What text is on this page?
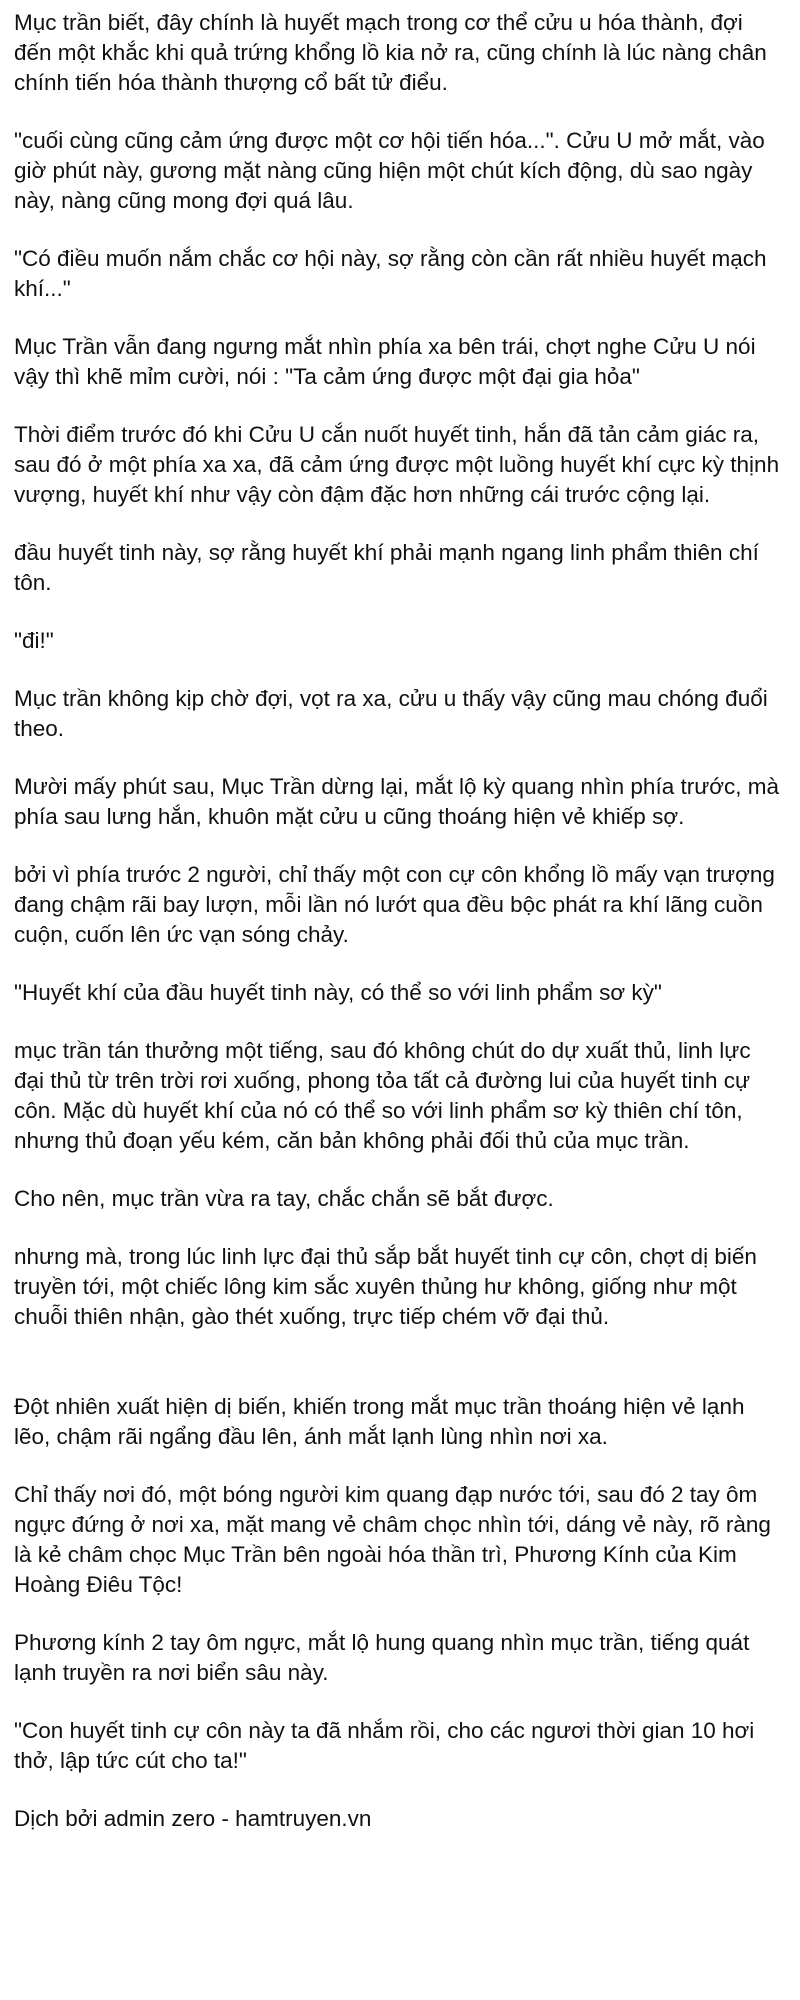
Mục trần biết, đây chính là huyết mạch trong cơ thể cửu u hóa thành, đợi đến một khắc khi quả trứng khổng lồ kia nở ra, cũng chính là lúc nàng chân chính tiến hóa thành thượng cổ bất tử điểu.

"cuối cùng cũng cảm ứng được một cơ hội tiến hóa...". Cửu U mở mắt, vào giờ phút này, gương mặt nàng cũng hiện một chút kích động, dù sao ngày này, nàng cũng mong đợi quá lâu.

"Có điều muốn nắm chắc cơ hội này, sợ rằng còn cần rất nhiều huyết mạch khí..."

Mục Trần vẫn đang ngưng mắt nhìn phía xa bên trái, chợt nghe Cửu U nói vậy thì khẽ mỉm cười, nói : "Ta cảm ứng được một đại gia hỏa"

Thời điểm trước đó khi Cửu U cắn nuốt huyết tinh, hắn đã tản cảm giác ra, sau đó ở một phía xa xa, đã cảm ứng được một luồng huyết khí cực kỳ thịnh vượng, huyết khí như vậy còn đậm đặc hơn những cái trước cộng lại.

đầu huyết tinh này, sợ rằng huyết khí phải mạnh ngang linh phẩm thiên chí tôn.

"đi!"

Mục trần không kịp chờ đợi, vọt ra xa, cửu u thấy vậy cũng mau chóng đuổi theo.

Mười mấy phút sau, Mục Trần dừng lại, mắt lộ kỳ quang nhìn phía trước, mà phía sau lưng hắn, khuôn mặt cửu u cũng thoáng hiện vẻ khiếp sợ.

bởi vì phía trước 2 người, chỉ thấy một con cự côn khổng lồ mấy vạn trượng đang chậm rãi bay lượn, mỗi lần nó lướt qua đều bộc phát ra khí lãng cuồn cuộn, cuốn lên ức vạn sóng chảy.

"Huyết khí của đầu huyết tinh này, có thể so với linh phẩm sơ kỳ"

mục trần tán thưởng một tiếng, sau đó không chút do dự xuất thủ, linh lực đại thủ từ trên trời rơi xuống, phong tỏa tất cả đường lui của huyết tinh cự côn. Mặc dù huyết khí của nó có thể so với linh phẩm sơ kỳ thiên chí tôn, nhưng thủ đoạn yếu kém, căn bản không phải đối thủ của mục trần.

Cho nên, mục trần vừa ra tay, chắc chắn sẽ bắt được.

nhưng mà, trong lúc linh lực đại thủ sắp bắt huyết tinh cự côn, chợt dị biến truyền tới, một chiếc lông kim sắc xuyên thủng hư không, giống như một chuỗi thiên nhận, gào thét xuống, trực tiếp chém vỡ đại thủ.

Đột nhiên xuất hiện dị biến, khiến trong mắt mục trần thoáng hiện vẻ lạnh lẽo, chậm rãi ngẩng đầu lên, ánh mắt lạnh lùng nhìn nơi xa.

Chỉ thấy nơi đó, một bóng người kim quang đạp nước tới, sau đó 2 tay ôm ngực đứng ở nơi xa, mặt mang vẻ châm chọc nhìn tới, dáng vẻ này, rõ ràng là kẻ châm chọc Mục Trần bên ngoài hóa thần trì, Phương Kính của Kim Hoàng Điêu Tộc!

Phương kính 2 tay ôm ngực, mắt lộ hung quang nhìn mục trần, tiếng quát lạnh truyền ra nơi biển sâu này.

"Con huyết tinh cự côn này ta đã nhắm rồi, cho các ngươi thời gian 10 hơi thở, lập tức cút cho ta!"

Dịch bởi admin zero - hamtruyen.vn
